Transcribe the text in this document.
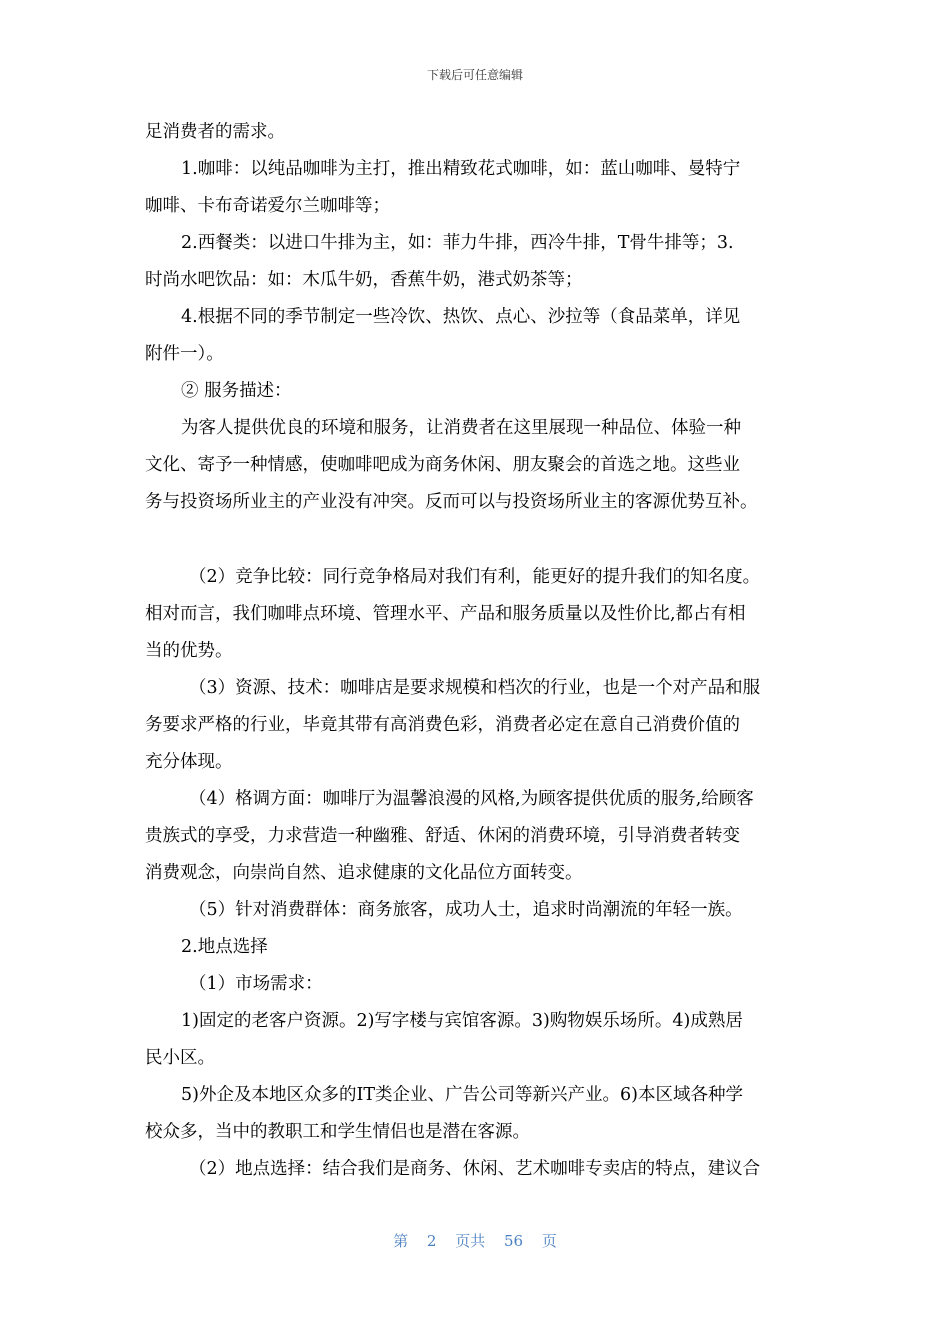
下载后可任意编辑

足消费者的需求。

1.咖啡：以纯品咖啡为主打，推出精致花式咖啡，如：蓝山咖啡、曼特宁

咖啡、卡布奇诺爱尔兰咖啡等；

2.西餐类：以进口牛排为主，如：菲力牛排，西冷牛排，T骨牛排等；3.

时尚水吧饮品：如：木瓜牛奶，香蕉牛奶，港式奶茶等；

4.根据不同的季节制定一些冷饮、热饮、点心、沙拉等（食品菜单，详见

附件一）。

② 服务描述：

为客人提供优良的环境和服务，让消费者在这里展现一种品位、体验一种

文化、寄予一种情感，使咖啡吧成为商务休闲、朋友聚会的首选之地。这些业

务与投资场所业主的产业没有冲突。反而可以与投资场所业主的客源优势互补。

（2）竞争比较：同行竞争格局对我们有利，能更好的提升我们的知名度。

相对而言，我们咖啡点环境、管理水平、产品和服务质量以及性价比,都占有相

当的优势。

（3）资源、技术：咖啡店是要求规模和档次的行业，也是一个对产品和服

务要求严格的行业，毕竟其带有高消费色彩，消费者必定在意自己消费价值的

充分体现。

（4）格调方面：咖啡厅为温馨浪漫的风格,为顾客提供优质的服务,给顾客

贵族式的享受，力求营造一种幽雅、舒适、休闲的消费环境，引导消费者转变

消费观念，向崇尚自然、追求健康的文化品位方面转变。

（5）针对消费群体：商务旅客，成功人士，追求时尚潮流的年轻一族。

2.地点选择

（1）市场需求：

1)固定的老客户资源。2)写字楼与宾馆客源。3)购物娱乐场所。4)成熟居

民小区。

5)外企及本地区众多的IT类企业、广告公司等新兴产业。6)本区域各种学

校众多，当中的教职工和学生情侣也是潜在客源。

（2）地点选择：结合我们是商务、休闲、艺术咖啡专卖店的特点，建议合

第 2 页共 56 页
